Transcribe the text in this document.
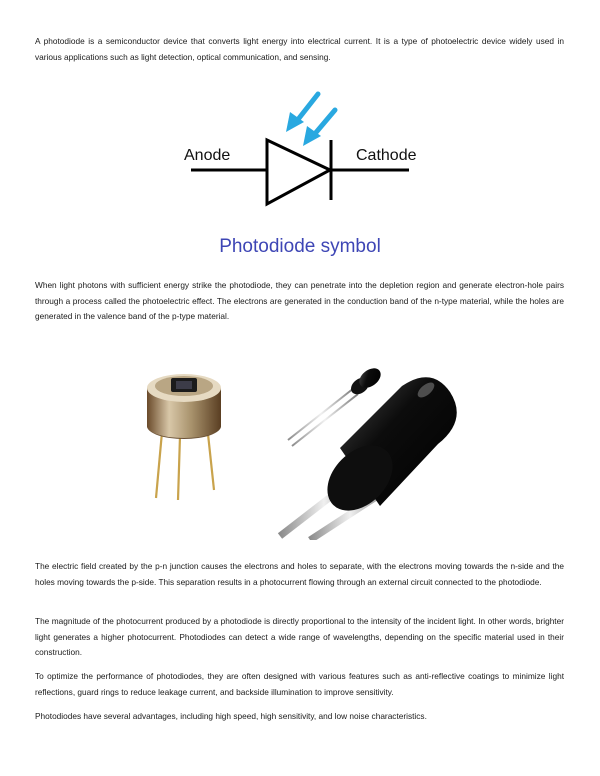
A photodiode is a semiconductor device that converts light energy into electrical current. It is a type of photoelectric device widely used in various applications such as light detection, optical communication, and sensing.

Anode	Cathode
Photodiode symbol

When light photons with sufficient energy strike the photodiode, they can penetrate into the depletion region and generate electron-hole pairs through a process called the photoelectric effect. The electrons are generated in the conduction band of the n-type material, while the holes are generated in the valence band of the p-type material.

The electric field created by the p-n junction causes the electrons and holes to separate, with the electrons moving towards the n-side and the holes moving towards the p-side. This separation results in a photocurrent flowing through an external circuit connected to the photodiode.

The magnitude of the photocurrent produced by a photodiode is directly proportional to the intensity of the incident light. In other words, brighter light generates a higher photocurrent. Photodiodes can detect a wide range of wavelengths, depending on the specific material used in their construction.

To optimize the performance of photodiodes, they are often designed with various features such as anti-reflective coatings to minimize light reflections, guard rings to reduce leakage current, and backside illumination to improve sensitivity.

Photodiodes have several advantages, including high speed, high sensitivity, and low noise characteristics.
